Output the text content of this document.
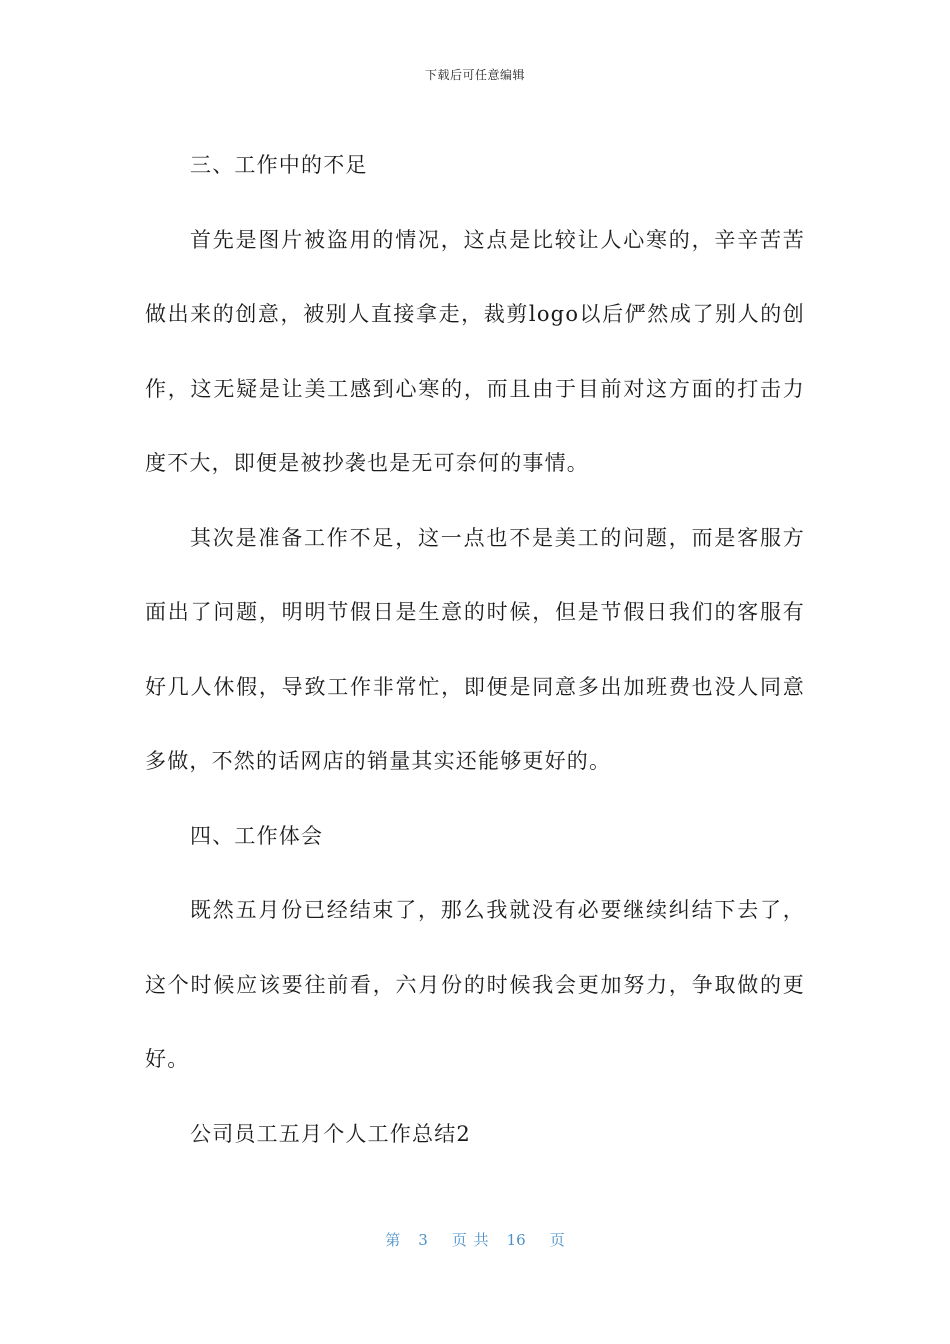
下载后可任意编辑

三、工作中的不足

首先是图片被盗用的情况，这点是比较让人心寒的，辛辛苦苦做出来的创意，被别人直接拿走，裁剪logo以后俨然成了别人的创作，这无疑是让美工感到心寒的，而且由于目前对这方面的打击力度不大，即便是被抄袭也是无可奈何的事情。

其次是准备工作不足，这一点也不是美工的问题，而是客服方面出了问题，明明节假日是生意的时候，但是节假日我们的客服有好几人休假，导致工作非常忙，即便是同意多出加班费也没人同意多做，不然的话网店的销量其实还能够更好的。

四、工作体会

既然五月份已经结束了，那么我就没有必要继续纠结下去了，这个时候应该要往前看，六月份的时候我会更加努力，争取做的更好。

公司员工五月个人工作总结2

第 3 页 共 16 页
